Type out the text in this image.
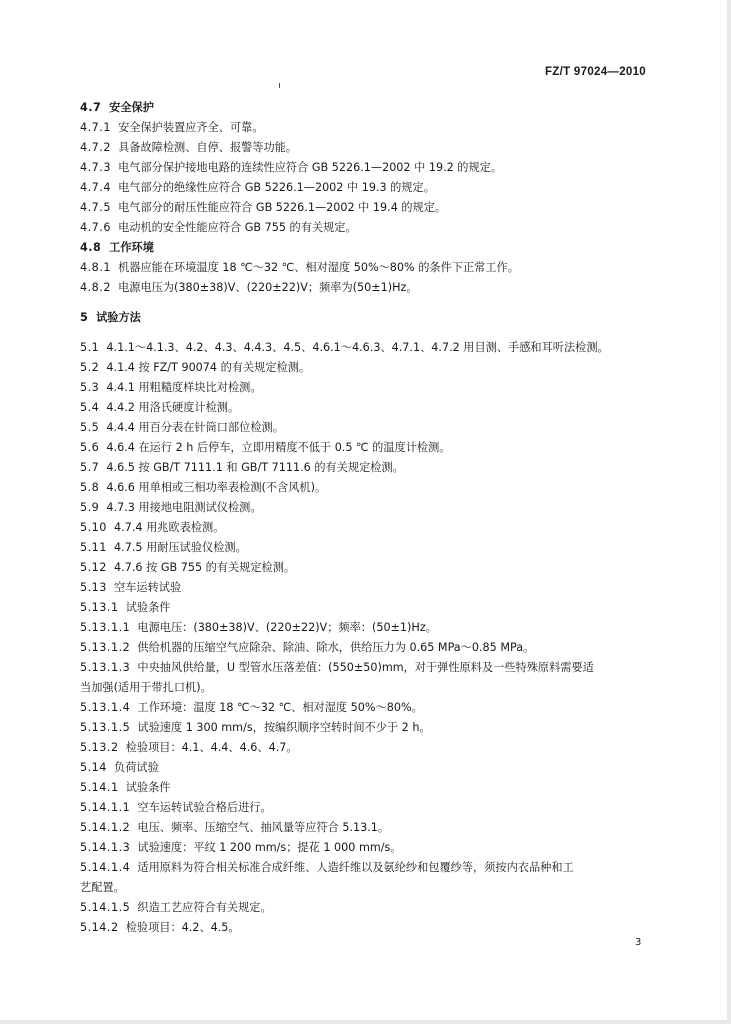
FZ/T 97024—2010
4.7 安全保护
4.7.1 安全保护装置应齐全、可靠。
4.7.2 具备故障检测、自停、报警等功能。
4.7.3 电气部分保护接地电路的连续性应符合 GB 5226.1—2002 中 19.2 的规定。
4.7.4 电气部分的绝缘性应符合 GB 5226.1—2002 中 19.3 的规定。
4.7.5 电气部分的耐压性能应符合 GB 5226.1—2002 中 19.4 的规定。
4.7.6 电动机的安全性能应符合 GB 755 的有关规定。
4.8 工作环境
4.8.1 机器应能在环境温度 18 ℃～32 ℃、相对湿度 50%～80% 的条件下正常工作。
4.8.2 电源电压为(380±38)V、(220±22)V；频率为(50±1)Hz。
5 试验方法
5.1 4.1.1～4.1.3、4.2、4.3、4.4.3、4.5、4.6.1～4.6.3、4.7.1、4.7.2 用目测、手感和耳听法检测。
5.2 4.1.4 按 FZ/T 90074 的有关规定检测。
5.3 4.4.1 用粗糙度样块比对检测。
5.4 4.4.2 用洛氏硬度计检测。
5.5 4.4.4 用百分表在针筒口部位检测。
5.6 4.6.4 在运行 2 h 后停车，立即用精度不低于 0.5 ℃ 的温度计检测。
5.7 4.6.5 按 GB/T 7111.1 和 GB/T 7111.6 的有关规定检测。
5.8 4.6.6 用单相或三相功率表检测(不含风机)。
5.9 4.7.3 用接地电阻测试仪检测。
5.10 4.7.4 用兆欧表检测。
5.11 4.7.5 用耐压试验仪检测。
5.12 4.7.6 按 GB 755 的有关规定检测。
5.13 空车运转试验
5.13.1 试验条件
5.13.1.1 电源电压：(380±38)V、(220±22)V；频率：(50±1)Hz。
5.13.1.2 供给机器的压缩空气应除杂、除油、除水，供给压力为 0.65 MPa～0.85 MPa。
5.13.1.3 中央抽风供给量，U 型管水压落差值：(550±50)mm，对于弹性原料及一些特殊原料需要适
当加强(适用于带扎口机)。
5.13.1.4 工作环境：温度 18 ℃～32 ℃、相对湿度 50%～80%。
5.13.1.5 试验速度 1 300 mm/s，按编织顺序空转时间不少于 2 h。
5.13.2 检验项目：4.1、4.4、4.6、4.7。
5.14 负荷试验
5.14.1 试验条件
5.14.1.1 空车运转试验合格后进行。
5.14.1.2 电压、频率、压缩空气、抽风量等应符合 5.13.1。
5.14.1.3 试验速度：平纹 1 200 mm/s；提花 1 000 mm/s。
5.14.1.4 适用原料为符合相关标准合成纤维、人造纤维以及氨纶纱和包覆纱等，须按内衣品种和工
艺配置。
5.14.1.5 织造工艺应符合有关规定。
5.14.2 检验项目：4.2、4.5。
3
